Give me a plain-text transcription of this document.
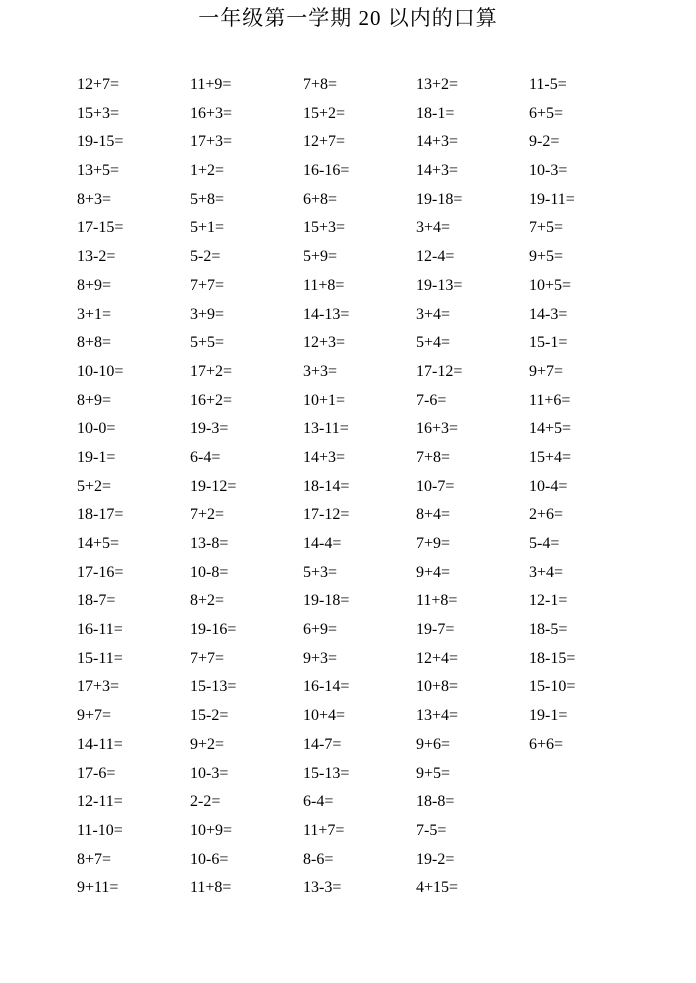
一年级第一学期 20 以内的口算
12+7=
15+3=
19-15=
13+5=
8+3=
17-15=
13-2=
8+9=
3+1=
8+8=
10-10=
8+9=
10-0=
19-1=
5+2=
18-17=
14+5=
17-16=
18-7=
16-11=
15-11=
17+3=
9+7=
14-11=
17-6=
12-11=
11-10=
8+7=
9+11=
11+9=
16+3=
17+3=
1+2=
5+8=
5+1=
5-2=
7+7=
3+9=
5+5=
17+2=
16+2=
19-3=
6-4=
19-12=
7+2=
13-8=
10-8=
8+2=
19-16=
7+7=
15-13=
15-2=
9+2=
10-3=
2-2=
10+9=
10-6=
11+8=
7+8=
15+2=
12+7=
16-16=
6+8=
15+3=
5+9=
11+8=
14-13=
12+3=
3+3=
10+1=
13-11=
14+3=
18-14=
17-12=
14-4=
5+3=
19-18=
6+9=
9+3=
16-14=
10+4=
14-7=
15-13=
6-4=
11+7=
8-6=
13-3=
13+2=
18-1=
14+3=
14+3=
19-18=
3+4=
12-4=
19-13=
3+4=
5+4=
17-12=
7-6=
16+3=
7+8=
10-7=
8+4=
7+9=
9+4=
11+8=
19-7=
12+4=
10+8=
13+4=
9+6=
9+5=
18-8=
7-5=
19-2=
4+15=
11-5=
6+5=
9-2=
10-3=
19-11=
7+5=
9+5=
10+5=
14-3=
15-1=
9+7=
11+6=
14+5=
15+4=
10-4=
2+6=
5-4=
3+4=
12-1=
18-5=
18-15=
15-10=
19-1=
6+6=
